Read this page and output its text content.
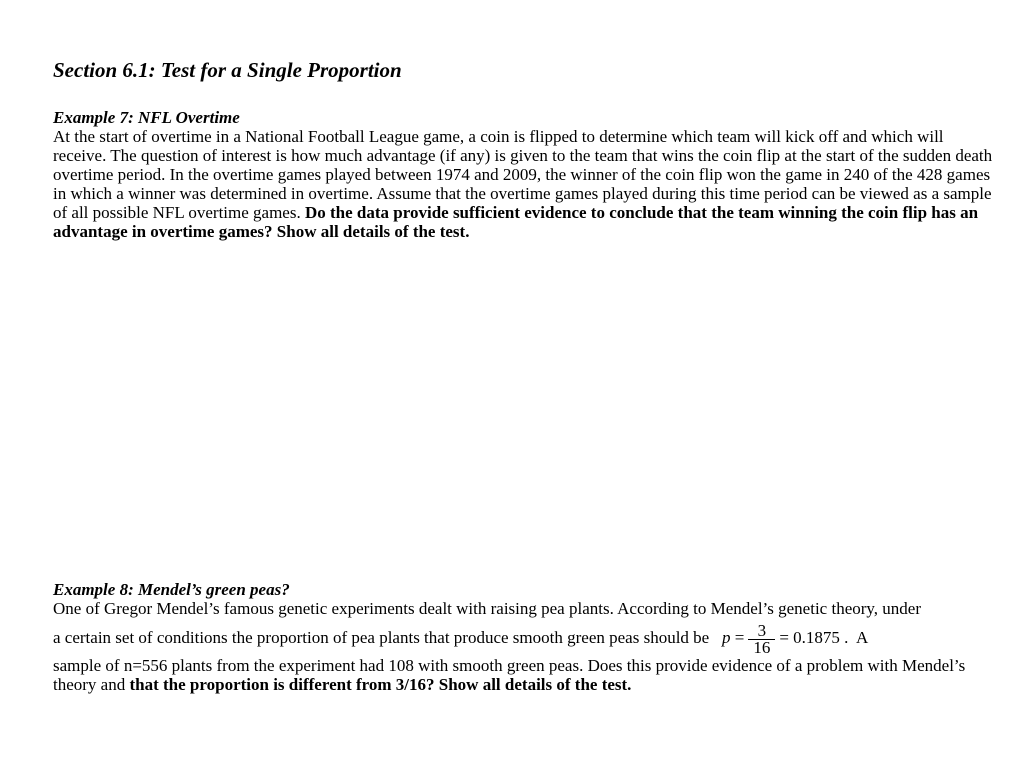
Section 6.1: Test for a Single Proportion
Example 7: NFL Overtime
At the start of overtime in a National Football League game, a coin is flipped to determine which team will kick off and which will receive. The question of interest is how much advantage (if any) is given to the team that wins the coin flip at the start of the sudden death overtime period. In the overtime games played between 1974 and 2009, the winner of the coin flip won the game in 240 of the 428 games in which a winner was determined in overtime. Assume that the overtime games played during this time period can be viewed as a sample of all possible NFL overtime games. Do the data provide sufficient evidence to conclude that the team winning the coin flip has an advantage in overtime games? Show all details of the test.
Example 8: Mendel’s green peas?
One of Gregor Mendel’s famous genetic experiments dealt with raising pea plants. According to Mendel’s genetic theory, under
a certain set of conditions the proportion of pea plants that produce smooth green peas should be $p = \frac{3}{16} = 0.1875$ . A
sample of n=556 plants from the experiment had 108 with smooth green peas. Does this provide evidence of a problem with Mendel’s theory and that the proportion is different from 3/16? Show all details of the test.
